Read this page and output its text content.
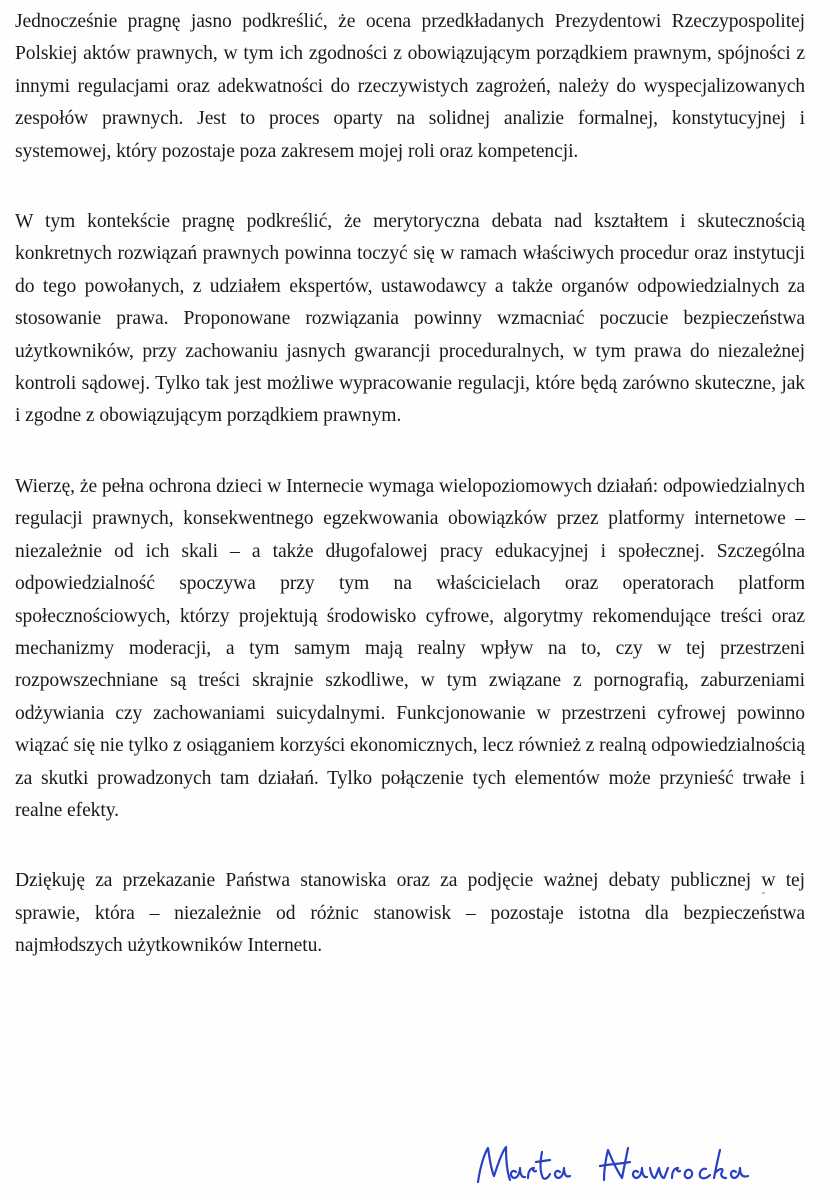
Jednocześnie pragnę jasno podkreślić, że ocena przedkładanych Prezydentowi Rzeczypospolitej Polskiej aktów prawnych, w tym ich zgodności z obowiązującym porządkiem prawnym, spójności z innymi regulacjami oraz adekwatności do rzeczywistych zagrożeń, należy do wyspecjalizowanych zespołów prawnych. Jest to proces oparty na solidnej analizie formalnej, konstytucyjnej i systemowej, który pozostaje poza zakresem mojej roli oraz kompetencji.

W tym kontekście pragnę podkreślić, że merytoryczna debata nad kształtem i skutecznością konkretnych rozwiązań prawnych powinna toczyć się w ramach właściwych procedur oraz instytucji do tego powołanych, z udziałem ekspertów, ustawodawcy a także organów odpowiedzialnych za stosowanie prawa. Proponowane rozwiązania powinny wzmacniać poczucie bezpieczeństwa użytkowników, przy zachowaniu jasnych gwarancji proceduralnych, w tym prawa do niezależnej kontroli sądowej. Tylko tak jest możliwe wypracowanie regulacji, które będą zarówno skuteczne, jak i zgodne z obowiązującym porządkiem prawnym.

Wierzę, że pełna ochrona dzieci w Internecie wymaga wielopoziomowych działań: odpowiedzialnych regulacji prawnych, konsekwentnego egzekwowania obowiązków przez platformy internetowe – niezależnie od ich skali – a także długofalowej pracy edukacyjnej i społecznej. Szczególna odpowiedzialność spoczywa przy tym na właścicielach oraz operatorach platform społecznościowych, którzy projektują środowisko cyfrowe, algorytmy rekomendujące treści oraz mechanizmy moderacji, a tym samym mają realny wpływ na to, czy w tej przestrzeni rozpowszechniane są treści skrajnie szkodliwe, w tym związane z pornografią, zaburzeniami odżywiania czy zachowaniami suicydalnymi. Funkcjonowanie w przestrzeni cyfrowej powinno wiązać się nie tylko z osiąganiem korzyści ekonomicznych, lecz również z realną odpowiedzialnością za skutki prowadzonych tam działań. Tylko połączenie tych elementów może przynieść trwałe i realne efekty.

Dziękuję za przekazanie Państwa stanowiska oraz za podjęcie ważnej debaty publicznej w tej sprawie, która – niezależnie od różnic stanowisk – pozostaje istotna dla bezpieczeństwa najmłodszych użytkowników Internetu.
